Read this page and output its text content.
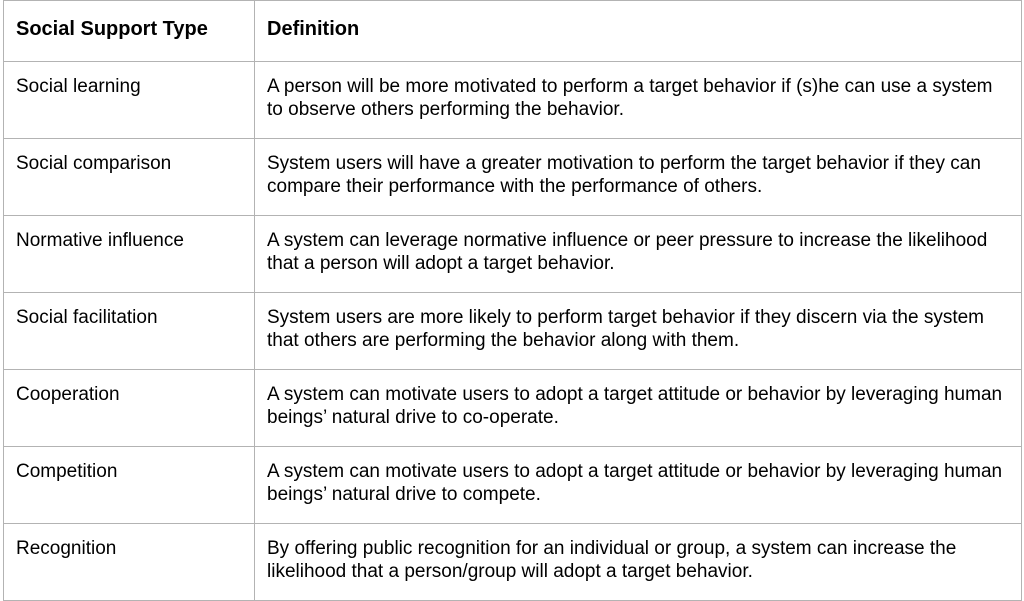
Social Support Type	Definition

Social learning	A person will be more motivated to perform a target behavior if (s)he can use a system to observe others performing the behavior.

Social comparison	System users will have a greater motivation to perform the target behavior if they can compare their performance with the performance of others.

Normative influence	A system can leverage normative influence or peer pressure to increase the likelihood that a person will adopt a target behavior.

Social facilitation	System users are more likely to perform target behavior if they discern via the system that others are performing the behavior along with them.

Cooperation	A system can motivate users to adopt a target attitude or behavior by leveraging human beings’ natural drive to co-operate.

Competition	A system can motivate users to adopt a target attitude or behavior by leveraging human beings’ natural drive to compete.

Recognition	By offering public recognition for an individual or group, a system can increase the likelihood that a person/group will adopt a target behavior.
